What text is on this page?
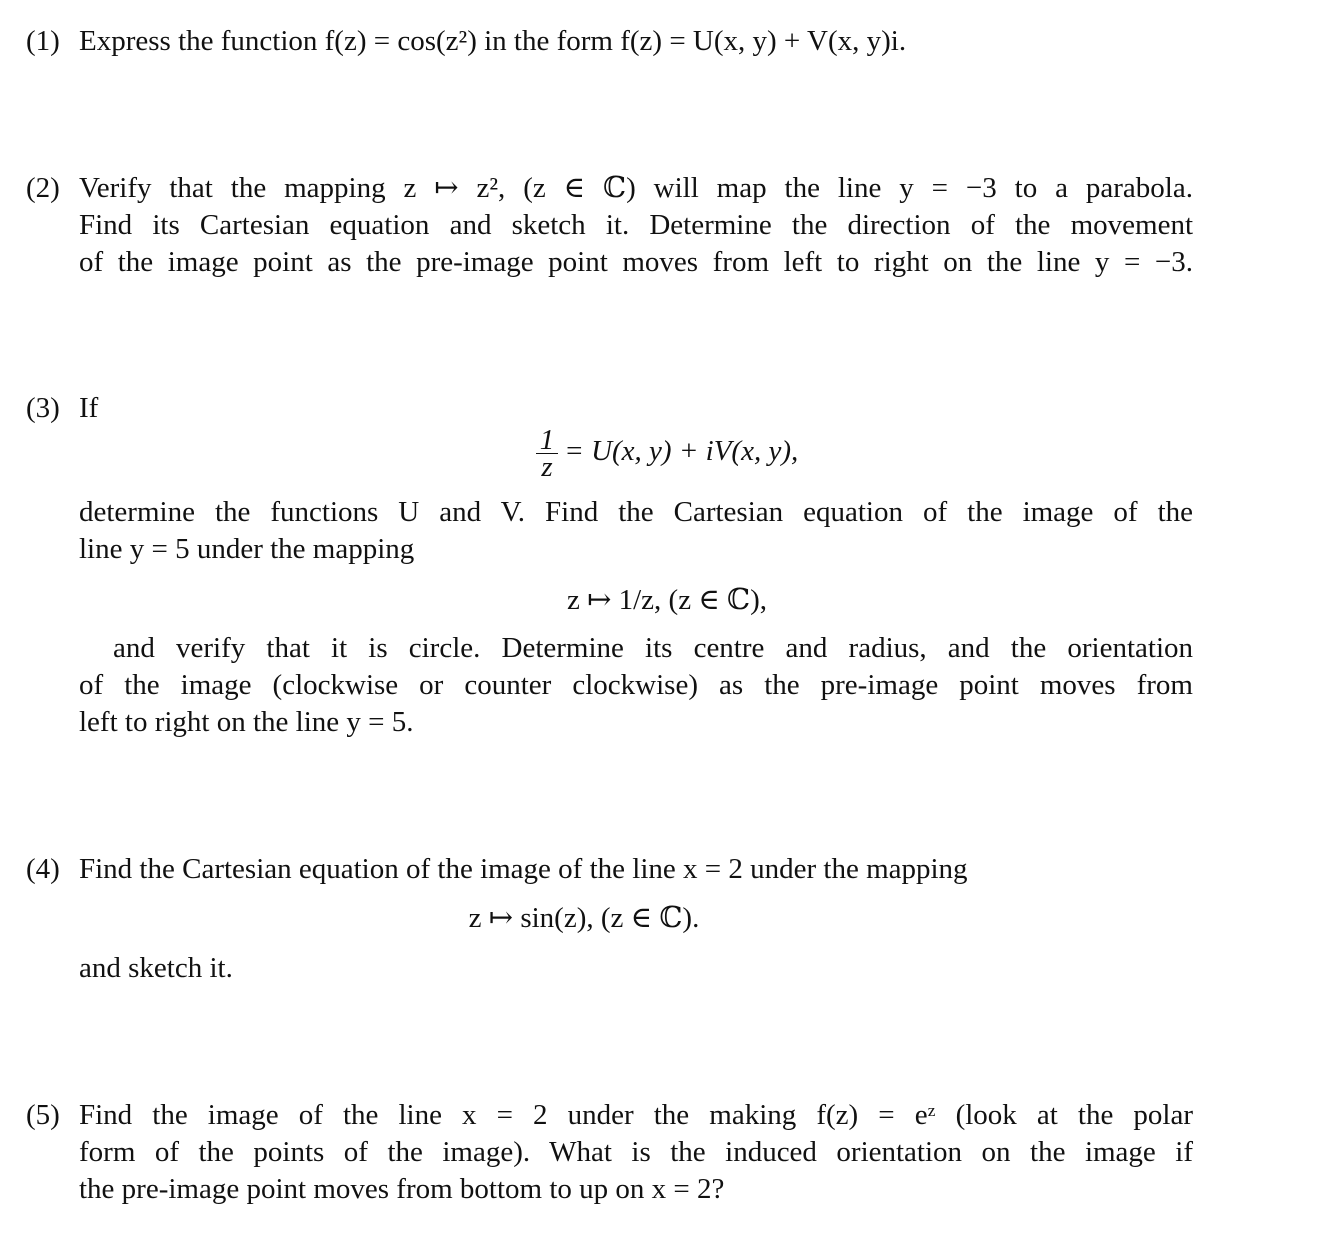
(1) Express the function f(z) = cos(z²) in the form f(z) = U(x, y) + V(x, y)i.
(2) Verify that the mapping z ↦ z², (z ∈ ℂ) will map the line y = −3 to a parabola.
Find its Cartesian equation and sketch it. Determine the direction of the movement
of the image point as the pre-image point moves from left to right on the line y = −3.
(3) If
$\frac{1}{z} = U(x$, y) + iV(x, y),
determine the functions U and V. Find the Cartesian equation of the image of the
line y = 5 under the mapping
z ↦ 1/z, (z ∈ ℂ),
and verify that it is circle. Determine its centre and radius, and the orientation
of the image (clockwise or counter clockwise) as the pre-image point moves from
left to right on the line y = 5.
(4) Find the Cartesian equation of the image of the line x = 2 under the mapping
z ↦ sin(z), (z ∈ ℂ).
and sketch it.
(5) Find the image of the line x = 2 under the making f(z) = eᶻ (look at the polar
form of the points of the image). What is the induced orientation on the image if
the pre-image point moves from bottom to up on x = 2?
